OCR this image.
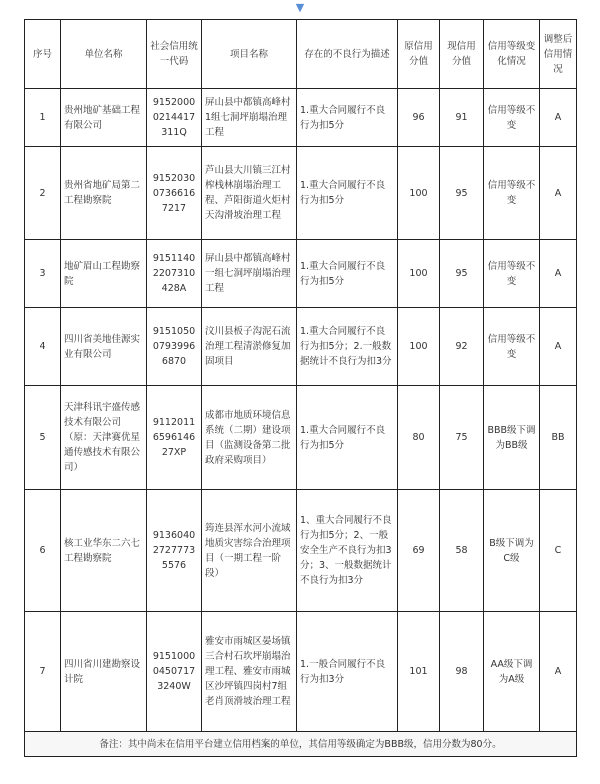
▼
序号	单位名称	社会信用统一代码	项目名称	存在的不良行为描述	原信用分值	现信用分值	信用等级变化情况	调整后信用情况
1	贵州地矿基础工程有限公司	91520000214417311Q	屏山县中都镇高峰村1组七洞坪崩塌治理工程	1.重大合同履行不良行为扣5分	96	91	信用等级不变	A
2	贵州省地矿局第二工程勘察院	915203007366167217	芦山县大川镇三江村榨栈林崩塌治理工程、芦阳街道火炬村天沟滑坡治理工程	1.重大合同履行不良行为扣5分	100	95	信用等级不变	A
3	地矿眉山工程勘察院	91511402207310428A	屏山县中都镇高峰村一组七洞坪崩塌治理工程	1.重大合同履行不良行为扣5分	100	95	信用等级不变	A
4	四川省美地佳源实业有限公司	915105007939966870	汶川县板子沟泥石流治理工程清淤修复加固项目	1.重大合同履行不良行为扣5分；2.一般数据统计不良行为扣3分	100	92	信用等级不变	A
5	天津科讯宇盛传感技术有限公司（原：天津赛优星通传感技术有限公司）	9112011659614627XP	成都市地质环境信息系统（二期）建设项目（监测设备第二批政府采购项目）	1.重大合同履行不良行为扣5分	80	75	BBB级下调为BB级	BB
6	核工业华东二六七工程勘察院	913604027277735576	筠连县浑水河小流域地质灾害综合治理项目（一期工程一阶段）	1、重大合同履行不良行为扣5分；2、一般安全生产不良行为扣3分；3、一般数据统计不良行为扣3分	69	58	B级下调为C级	C
7	四川省川建勘察设计院	915100004507173240W	雅安市雨城区晏场镇三合村石坎坪崩塌治理工程、雅安市雨城区沙坪镇四岗村7组老肖顶滑坡治理工程	1.一般合同履行不良行为扣3分	101	98	AA级下调为A级	A
备注：其中尚未在信用平台建立信用档案的单位，其信用等级确定为BBB级，信用分数为80分。								
